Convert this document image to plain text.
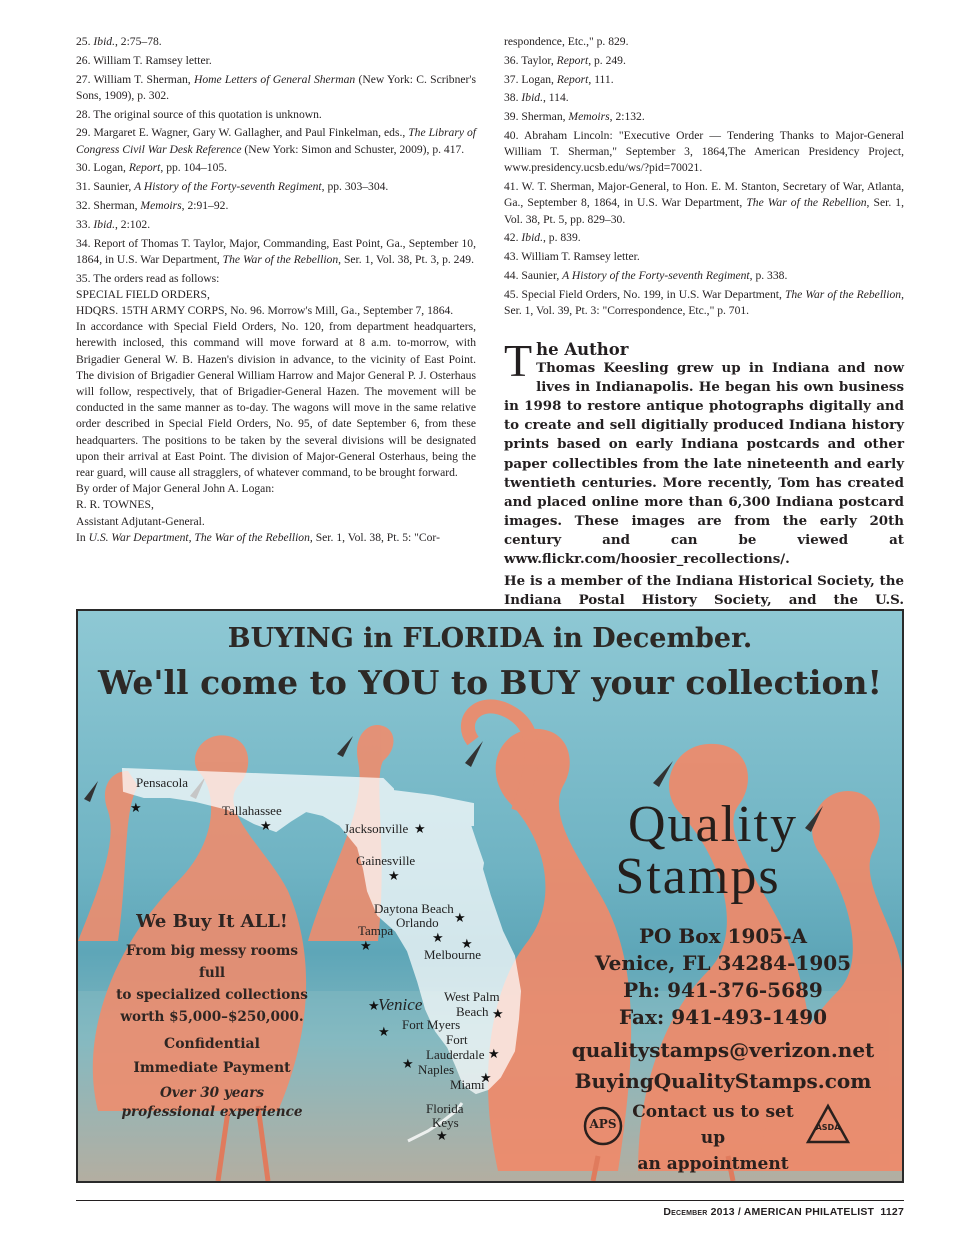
25. Ibid., 2:75–78.

26. William T. Ramsey letter.

27. William T. Sherman, Home Letters of General Sherman (New York: C. Scribner's Sons, 1909), p. 302.

28. The original source of this quotation is unknown.

29. Margaret E. Wagner, Gary W. Gallagher, and Paul Finkelman, eds., The Library of Congress Civil War Desk Reference (New York: Simon and Schuster, 2009), p. 417.

30. Logan, Report, pp. 104–105.

31. Saunier, A History of the Forty-seventh Regiment, pp. 303–304.

32. Sherman, Memoirs, 2:91–92.

33. Ibid., 2:102.

34. Report of Thomas T. Taylor, Major, Commanding, East Point, Ga., September 10, 1864, in U.S. War Department, The War of the Rebellion, Ser. 1, Vol. 38, Pt. 3, p. 249.

35. The orders read as follows:

SPECIAL FIELD ORDERS,

HDQRS. 15TH ARMY CORPS, No. 96. Morrow's Mill, Ga., September 7, 1864.

In accordance with Special Field Orders, No. 120, from department headquarters, herewith inclosed, this command will move forward at 8 a.m. to-morrow, with Brigadier General W. B. Hazen's division in advance, to the vicinity of East Point. The division of Brigadier General William Harrow and Major General P. J. Osterhaus will follow, respectively, that of Brigadier-General Hazen. The movement will be conducted in the same manner as to-day. The wagons will move in the same relative order described in Special Field Orders, No. 95, of date September 6, from these headquarters. The positions to be taken by the several divisions will be designated upon their arrival at East Point. The division of Major-General Osterhaus, being the rear guard, will cause all stragglers, of whatever command, to be brought forward.

By order of Major General John A. Logan:

R. R. TOWNES,

Assistant Adjutant-General.

In U.S. War Department, The War of the Rebellion, Ser. 1, Vol. 38, Pt. 5: "Cor-

respondence, Etc.," p. 829.

36. Taylor, Report, p. 249.

37. Logan, Report, 111.

38. Ibid., 114.

39. Sherman, Memoirs, 2:132.

40. Abraham Lincoln: "Executive Order — Tendering Thanks to Major-General William T. Sherman," September 3, 1864,The American Presidency Project, www.presidency.ucsb.edu/ws/?pid=70021.

41. W. T. Sherman, Major-General, to Hon. E. M. Stanton, Secretary of War, Atlanta, Ga., September 8, 1864, in U.S. War Department, The War of the Rebellion, Ser. 1, Vol. 38, Pt. 5, pp. 829–30.

42. Ibid., p. 839.

43. William T. Ramsey letter.

44. Saunier, A History of the Forty-seventh Regiment, p. 338.

45. Special Field Orders, No. 199, in U.S. War Department, The War of the Rebellion, Ser. 1, Vol. 39, Pt. 3: "Correspondence, Etc.," p. 701.

T he Author

Thomas Keesling grew up in Indiana and now lives in Indianapolis. He began his own business in 1998 to restore antique photographs digitally and to create and sell digitially produced Indiana history prints based on early Indiana postcards and other paper collectibles from the late nineteenth and early twentieth centuries. More recently, Tom has created and placed online more than 6,300 Indiana postcard images. These images are from the early 20th century and can be viewed at www.flickr.com/hoosier_recollections/.

He is a member of the Indiana Historical Society, the Indiana Postal History Society, and the U.S.

BUYING in FLORIDA in December.
We'll come to YOU to BUY your collection!
Pensacola
★	Tallahassee
★	Jacksonville ★
Gainesville
★
Daytona Beach
★
Orlando
★
Tampa
★	★
Melbourne
Venice
★
West Palm
Beach ★
Fort Myers
★
Fort
Lauderdale ★
★ Naples
Miami
★
Florida
Keys
★
We Buy It ALL!
From big messy rooms full
to specialized collections
worth $5,000–$250,000.
Confidential
Immediate Payment
Over 30 years
professional experience
Quality
Stamps
PO Box 1905-A
Venice, FL 34284-1905
Ph: 941-376-5689
Fax: 941-493-1490
qualitystamps@verizon.net
BuyingQualityStamps.com
Contact us to set up
an appointment
APS	ASDA
December 2013 / AMERICAN PHILATELIST 1127
